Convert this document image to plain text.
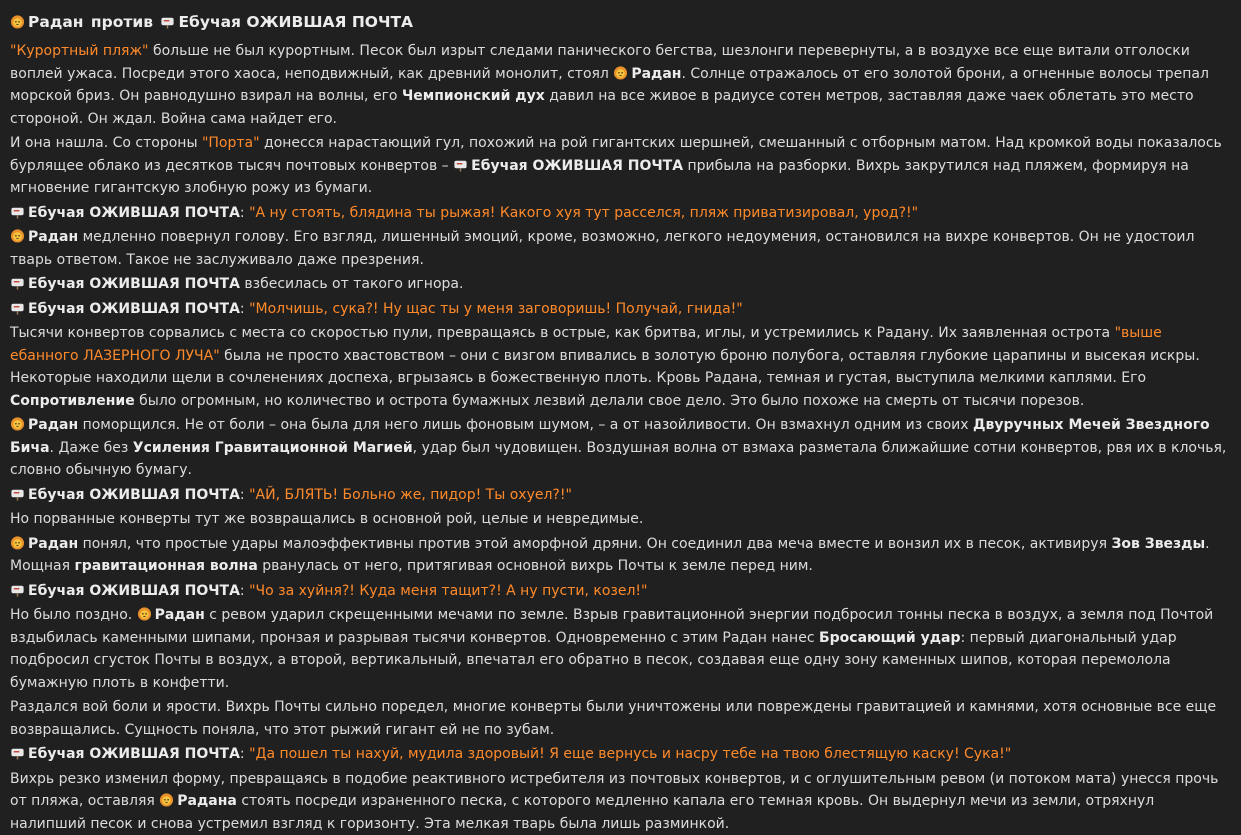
Радан против Ебучая ОЖИВШАЯ ПОЧТА

"Курортный пляж" больше не был курортным. Песок был изрыт следами панического бегства, шезлонги перевернуты, а в воздухе все еще витали отголоски воплей ужаса. Посреди этого хаоса, неподвижный, как древний монолит, стоял Радан. Солнце отражалось от его золотой брони, а огненные волосы трепал морской бриз. Он равнодушно взирал на волны, его Чемпионский дух давил на все живое в радиусе сотен метров, заставляя даже чаек облетать это место стороной. Он ждал. Война сама найдет его.

И она нашла. Со стороны "Порта" донесся нарастающий гул, похожий на рой гигантских шершней, смешанный с отборным матом. Над кромкой воды показалось бурлящее облако из десятков тысяч почтовых конвертов – Ебучая ОЖИВШАЯ ПОЧТА прибыла на разборки. Вихрь закрутился над пляжем, формируя на мгновение гигантскую злобную рожу из бумаги.

Ебучая ОЖИВШАЯ ПОЧТА: "А ну стоять, блядина ты рыжая! Какого хуя тут расселся, пляж приватизировал, урод?!"

Радан медленно повернул голову. Его взгляд, лишенный эмоций, кроме, возможно, легкого недоумения, остановился на вихре конвертов. Он не удостоил тварь ответом. Такое не заслуживало даже презрения.

Ебучая ОЖИВШАЯ ПОЧТА взбесилась от такого игнора.

Ебучая ОЖИВШАЯ ПОЧТА: "Молчишь, сука?! Ну щас ты у меня заговоришь! Получай, гнида!"

Тысячи конвертов сорвались с места со скоростью пули, превращаясь в острые, как бритва, иглы, и устремились к Радану. Их заявленная острота "выше ебанного ЛАЗЕРНОГО ЛУЧА" была не просто хвастовством – они с визгом впивались в золотую броню полубога, оставляя глубокие царапины и высекая искры. Некоторые находили щели в сочленениях доспеха, вгрызаясь в божественную плоть. Кровь Радана, темная и густая, выступила мелкими каплями. Его Сопротивление было огромным, но количество и острота бумажных лезвий делали свое дело. Это было похоже на смерть от тысячи порезов.

Радан поморщился. Не от боли – она была для него лишь фоновым шумом, – а от назойливости. Он взмахнул одним из своих Двуручных Мечей Звездного Бича. Даже без Усиления Гравитационной Магией, удар был чудовищен. Воздушная волна от взмаха разметала ближайшие сотни конвертов, рвя их в клочья, словно обычную бумагу.

Ебучая ОЖИВШАЯ ПОЧТА: "АЙ, БЛЯТЬ! Больно же, пидор! Ты охуел?!"

Но порванные конверты тут же возвращались в основной рой, целые и невредимые.

Радан понял, что простые удары малоэффективны против этой аморфной дряни. Он соединил два меча вместе и вонзил их в песок, активируя Зов Звезды. Мощная гравитационная волна рванулась от него, притягивая основной вихрь Почты к земле перед ним.

Ебучая ОЖИВШАЯ ПОЧТА: "Чо за хуйня?! Куда меня тащит?! А ну пусти, козел!"

Но было поздно. Радан с ревом ударил скрещенными мечами по земле. Взрыв гравитационной энергии подбросил тонны песка в воздух, а земля под Почтой вздыбилась каменными шипами, пронзая и разрывая тысячи конвертов. Одновременно с этим Радан нанес Бросающий удар: первый диагональный удар подбросил сгусток Почты в воздух, а второй, вертикальный, впечатал его обратно в песок, создавая еще одну зону каменных шипов, которая перемолола бумажную плоть в конфетти.

Раздался вой боли и ярости. Вихрь Почты сильно поредел, многие конверты были уничтожены или повреждены гравитацией и камнями, хотя основные все еще возвращались. Сущность поняла, что этот рыжий гигант ей не по зубам.

Ебучая ОЖИВШАЯ ПОЧТА: "Да пошел ты нахуй, мудила здоровый! Я еще вернусь и насру тебе на твою блестящую каску! Сука!"

Вихрь резко изменил форму, превращаясь в подобие реактивного истребителя из почтовых конвертов, и с оглушительным ревом (и потоком мата) унесся прочь от пляжа, оставляя Радана стоять посреди израненного песка, с которого медленно капала его темная кровь. Он выдернул мечи из земли, отряхнул налипший песок и снова устремил взгляд к горизонту. Эта мелкая тварь была лишь разминкой.
